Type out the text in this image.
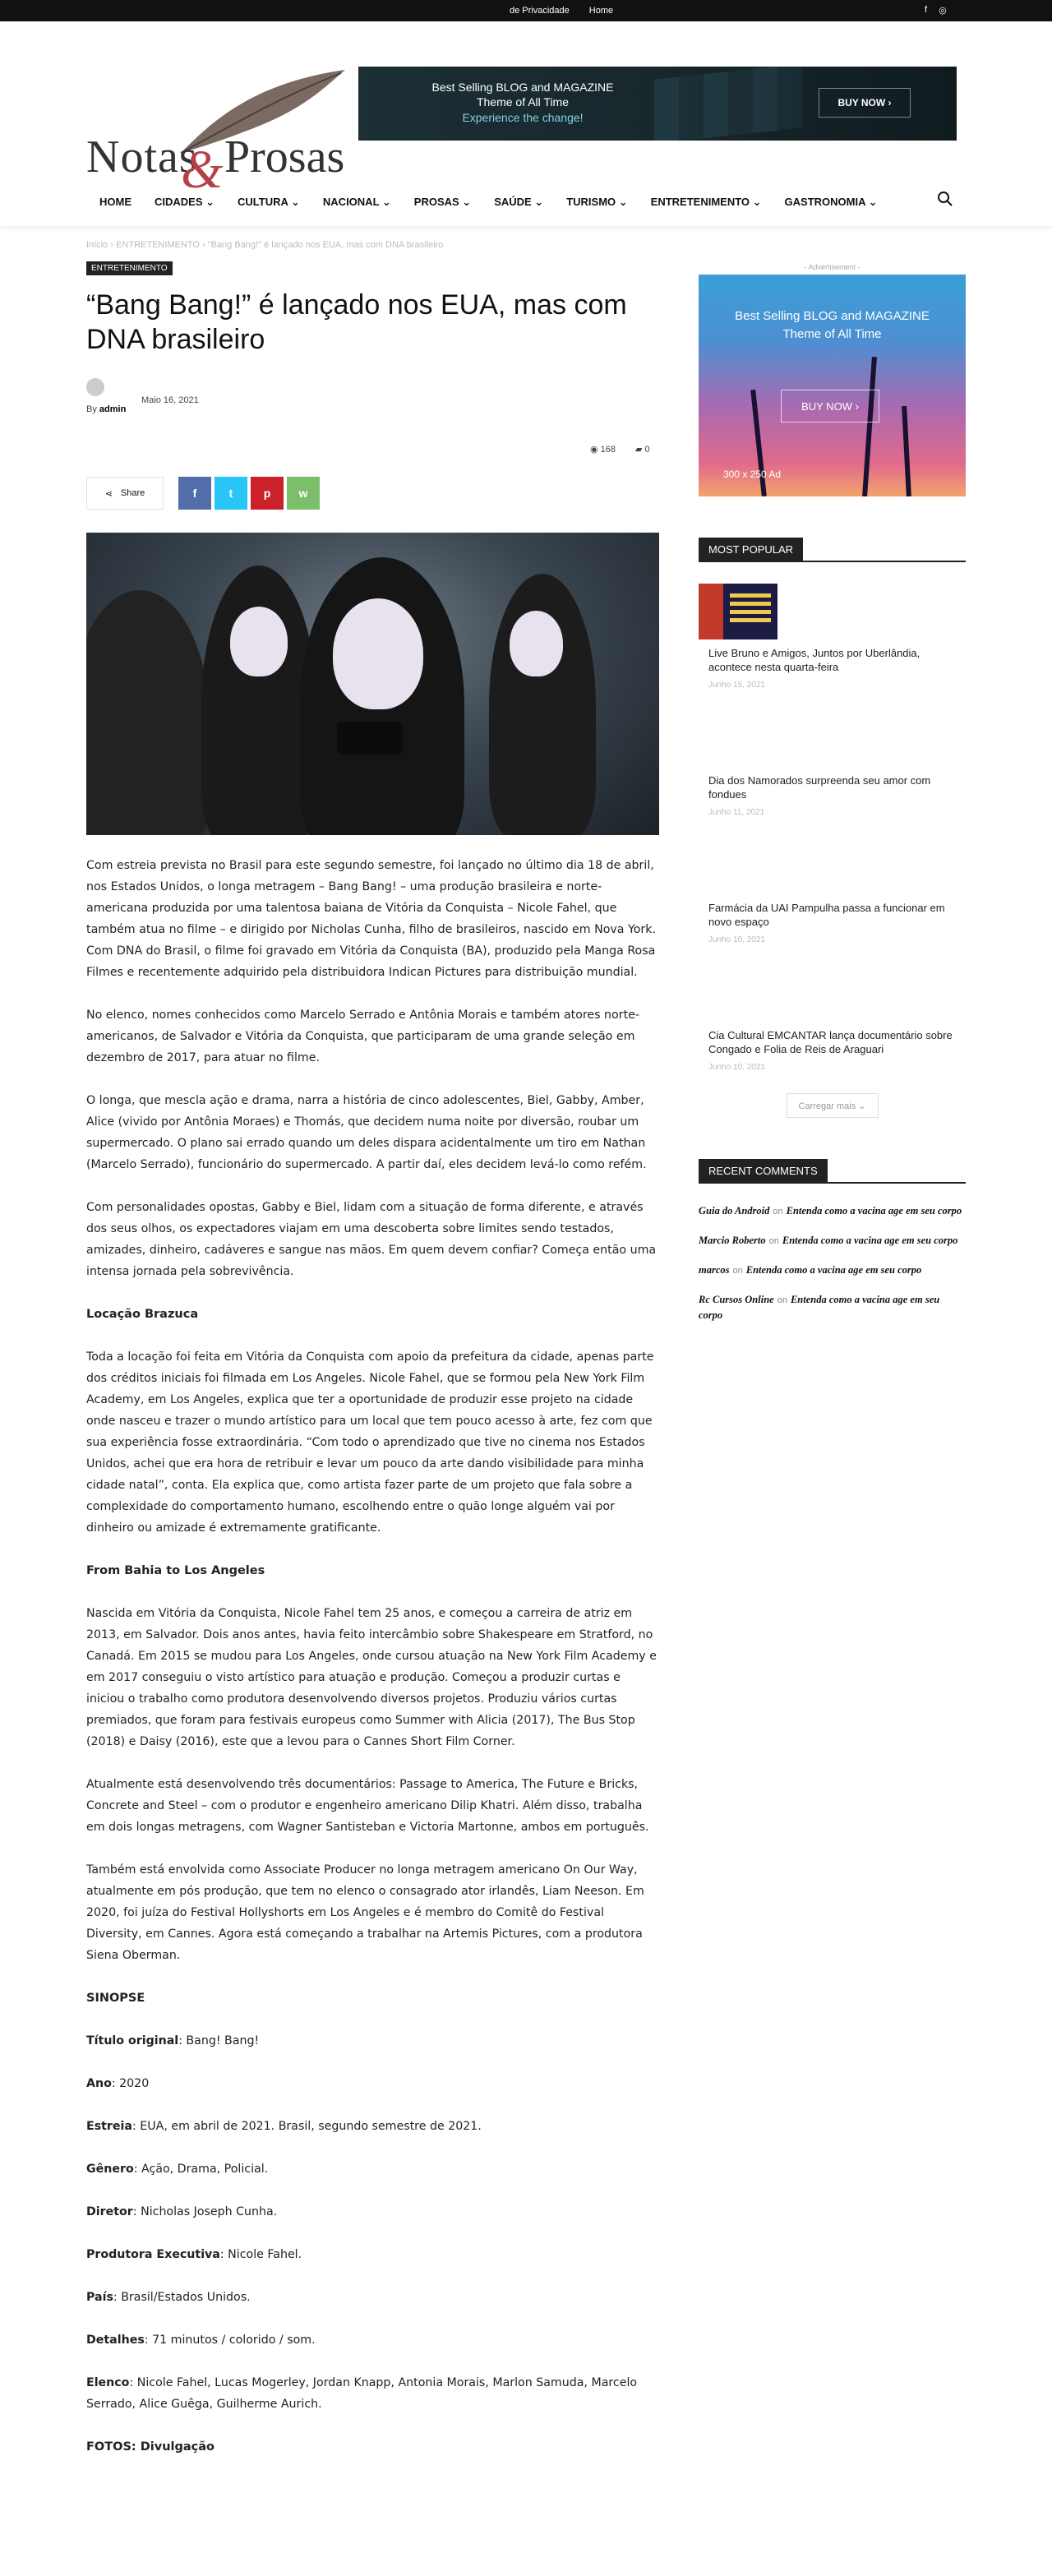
de Privacidade Home	f ◎
Notas
& Prosas
Best Selling BLOG and MAGAZINE
Theme of All Time
Experience the change!
BUY NOW ›
HOME CIDADES ⌄ CULTURA ⌄ NACIONAL ⌄ PROSAS ⌄ SAÚDE ⌄ TURISMO ⌄ ENTRETENIMENTO ⌄ GASTRONOMIA ⌄
Início › ENTRETENIMENTO › "Bang Bang!" é lançado nos EUA, mas com DNA brasileiro
ENTRETENIMENTO
“Bang Bang!” é lançado nos EUA, mas com DNA brasileiro
By admin
Maio 16, 2021
◉ 168 ▰ 0
⋖ Share	f	t	p	w

Com estreia prevista no Brasil para este segundo semestre, foi lançado no último dia 18 de abril, nos Estados Unidos, o longa metragem – Bang Bang! – uma produção brasileira e norte-americana produzida por uma talentosa baiana de Vitória da Conquista – Nicole Fahel, que também atua no filme – e dirigido por Nicholas Cunha, filho de brasileiros, nascido em Nova York. Com DNA do Brasil, o filme foi gravado em Vitória da Conquista (BA), produzido pela Manga Rosa Filmes e recentemente adquirido pela distribuidora Indican Pictures para distribuição mundial.

No elenco, nomes conhecidos como Marcelo Serrado e Antônia Morais e também atores norte-americanos, de Salvador e Vitória da Conquista, que participaram de uma grande seleção em dezembro de 2017, para atuar no filme.

O longa, que mescla ação e drama, narra a história de cinco adolescentes, Biel, Gabby, Amber, Alice (vivido por Antônia Moraes) e Thomás, que decidem numa noite por diversão, roubar um supermercado. O plano sai errado quando um deles dispara acidentalmente um tiro em Nathan (Marcelo Serrado), funcionário do supermercado. A partir daí, eles decidem levá-lo como refém.

Com personalidades opostas, Gabby e Biel, lidam com a situação de forma diferente, e através dos seus olhos, os expectadores viajam em uma descoberta sobre limites sendo testados, amizades, dinheiro, cadáveres e sangue nas mãos. Em quem devem confiar? Começa então uma intensa jornada pela sobrevivência.

Locação Brazuca

Toda a locação foi feita em Vitória da Conquista com apoio da prefeitura da cidade, apenas parte dos créditos iniciais foi filmada em Los Angeles. Nicole Fahel, que se formou pela New York Film Academy, em Los Angeles, explica que ter a oportunidade de produzir esse projeto na cidade onde nasceu e trazer o mundo artístico para um local que tem pouco acesso à arte, fez com que sua experiência fosse extraordinária. “Com todo o aprendizado que tive no cinema nos Estados Unidos, achei que era hora de retribuir e levar um pouco da arte dando visibilidade para minha cidade natal”, conta. Ela explica que, como artista fazer parte de um projeto que fala sobre a complexidade do comportamento humano, escolhendo entre o quão longe alguém vai por dinheiro ou amizade é extremamente gratificante.

From Bahia to Los Angeles

Nascida em Vitória da Conquista, Nicole Fahel tem 25 anos, e começou a carreira de atriz em 2013, em Salvador. Dois anos antes, havia feito intercâmbio sobre Shakespeare em Stratford, no Canadá. Em 2015 se mudou para Los Angeles, onde cursou atuação na New York Film Academy e em 2017 conseguiu o visto artístico para atuação e produção. Começou a produzir curtas e iniciou o trabalho como produtora desenvolvendo diversos projetos. Produziu vários curtas premiados, que foram para festivais europeus como Summer with Alicia (2017), The Bus Stop (2018) e Daisy (2016), este que a levou para o Cannes Short Film Corner.

Atualmente está desenvolvendo três documentários: Passage to America, The Future e Bricks, Concrete and Steel – com o produtor e engenheiro americano Dilip Khatri. Além disso, trabalha em dois longas metragens, com Wagner Santisteban e Victoria Martonne, ambos em português.

Também está envolvida como Associate Producer no longa metragem americano On Our Way, atualmente em pós produção, que tem no elenco o consagrado ator irlandês, Liam Neeson. Em 2020, foi juíza do Festival Hollyshorts em Los Angeles e é membro do Comitê do Festival Diversity, em Cannes. Agora está começando a trabalhar na Artemis Pictures, com a produtora Siena Oberman.

SINOPSE
Título original: Bang! Bang!
Ano: 2020
Estreia: EUA, em abril de 2021. Brasil, segundo semestre de 2021.
Gênero: Ação, Drama, Policial.
Diretor: Nicholas Joseph Cunha.
Produtora Executiva: Nicole Fahel.
País: Brasil/Estados Unidos.
Detalhes: 71 minutos / colorido / som.
Elenco: Nicole Fahel, Lucas Mogerley, Jordan Knapp, Antonia Morais, Marlon Samuda, Marcelo Serrado, Alice Guêga, Guilherme Aurich.
FOTOS: Divulgação
- Advertisement -
Best Selling BLOG and MAGAZINE
Theme of All Time
BUY NOW ›
300 x 250 Ad
MOST POPULAR
Live Bruno e Amigos, Juntos por Uberlândia, acontece nesta quarta-feira
Junho 15, 2021
Dia dos Namorados surpreenda seu amor com fondues
Junho 11, 2021
Farmácia da UAI Pampulha passa a funcionar em novo espaço
Junho 10, 2021
Cia Cultural EMCANTAR lança documentário sobre Congado e Folia de Reis de Araguari
Junho 10, 2021
Carregar mais ⌄
RECENT COMMENTS
Guia do Android on Entenda como a vacina age em seu corpo
Marcio Roberto on Entenda como a vacina age em seu corpo
marcos on Entenda como a vacina age em seu corpo
Rc Cursos Online on Entenda como a vacina age em seu corpo
